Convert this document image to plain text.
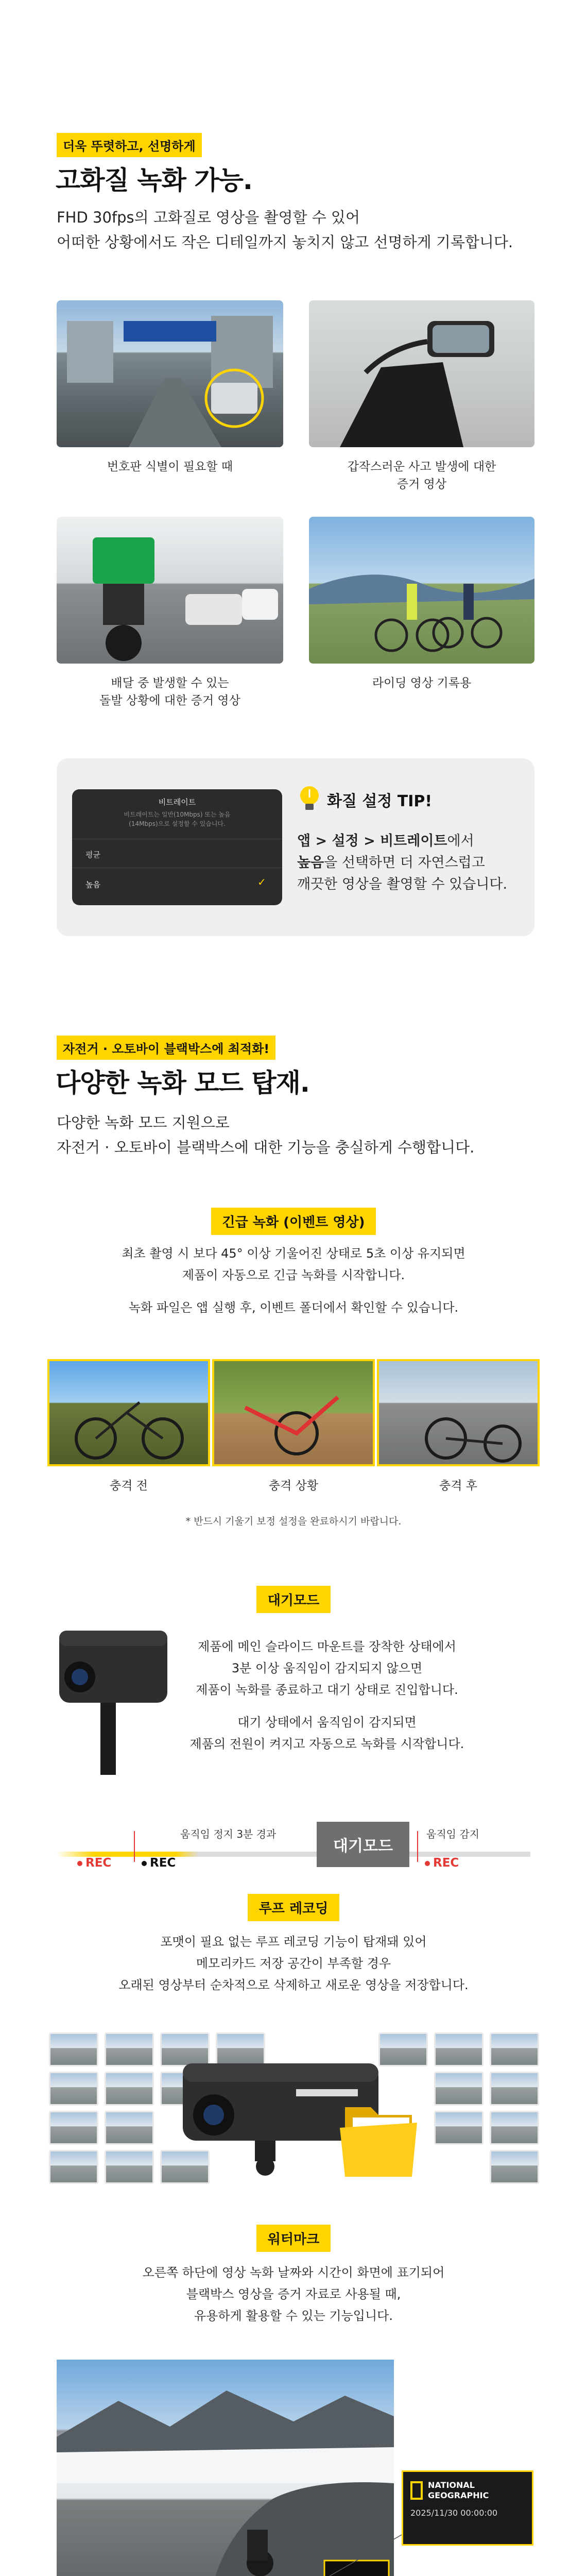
더욱 뚜렷하고, 선명하게
고화질 녹화 가능.
FHD 30fps의 고화질로 영상을 촬영할 수 있어
어떠한 상황에서도 작은 디테일까지 놓치지 않고 선명하게 기록합니다.
번호판 식별이 필요할 때	갑작스러운 사고 발생에 대한
증거 영상
배달 중 발생할 수 있는
돌발 상황에 대한 증거 영상
라이딩 영상 기록용
비트레이트
비트레이트는 일반(10Mbps) 또는 높음
(14Mbps)으로 설정할 수 있습니다.
평균
높음	✓
화질 설정 TIP!
앱 > 설정 > 비트레이트에서
높음을 선택하면 더 자연스럽고
깨끗한 영상을 촬영할 수 있습니다.
자전거 · 오토바이 블랙박스에 최적화!
다양한 녹화 모드 탑재.
다양한 녹화 모드 지원으로
자전거 · 오토바이 블랙박스에 대한 기능을 충실하게 수행합니다.
긴급 녹화 (이벤트 영상)
최초 촬영 시 보다 45° 이상 기울어진 상태로 5초 이상 유지되면
제품이 자동으로 긴급 녹화를 시작합니다.
녹화 파일은 앱 실행 후, 이벤트 폴더에서 확인할 수 있습니다.
충격 전	충격 상황	충격 후
* 반드시 기울기 보정 설정을 완료하시기 바랍니다.
대기모드
제품에 메인 슬라이드 마운트를 장착한 상태에서
3분 이상 움직임이 감지되지 않으면
제품이 녹화를 종료하고 대기 상태로 진입합니다.
대기 상태에서 움직임이 감지되면
제품의 전원이 켜지고 자동으로 녹화를 시작합니다.
움직임 정지 3분 경과	움직임 감지
대기모드
REC	REC	REC
루프 레코딩
포맷이 필요 없는 루프 레코딩 기능이 탑재돼 있어
메모리카드 저장 공간이 부족할 경우
오래된 영상부터 순차적으로 삭제하고 새로운 영상을 저장합니다.
워터마크
오른쪽 하단에 영상 녹화 날짜와 시간이 화면에 표기되어
블랙박스 영상을 증거 자료로 사용될 때,
유용하게 활용할 수 있는 기능입니다.
NATIONAL
GEOGRAPHIC
2025/11/30 00:00:00
